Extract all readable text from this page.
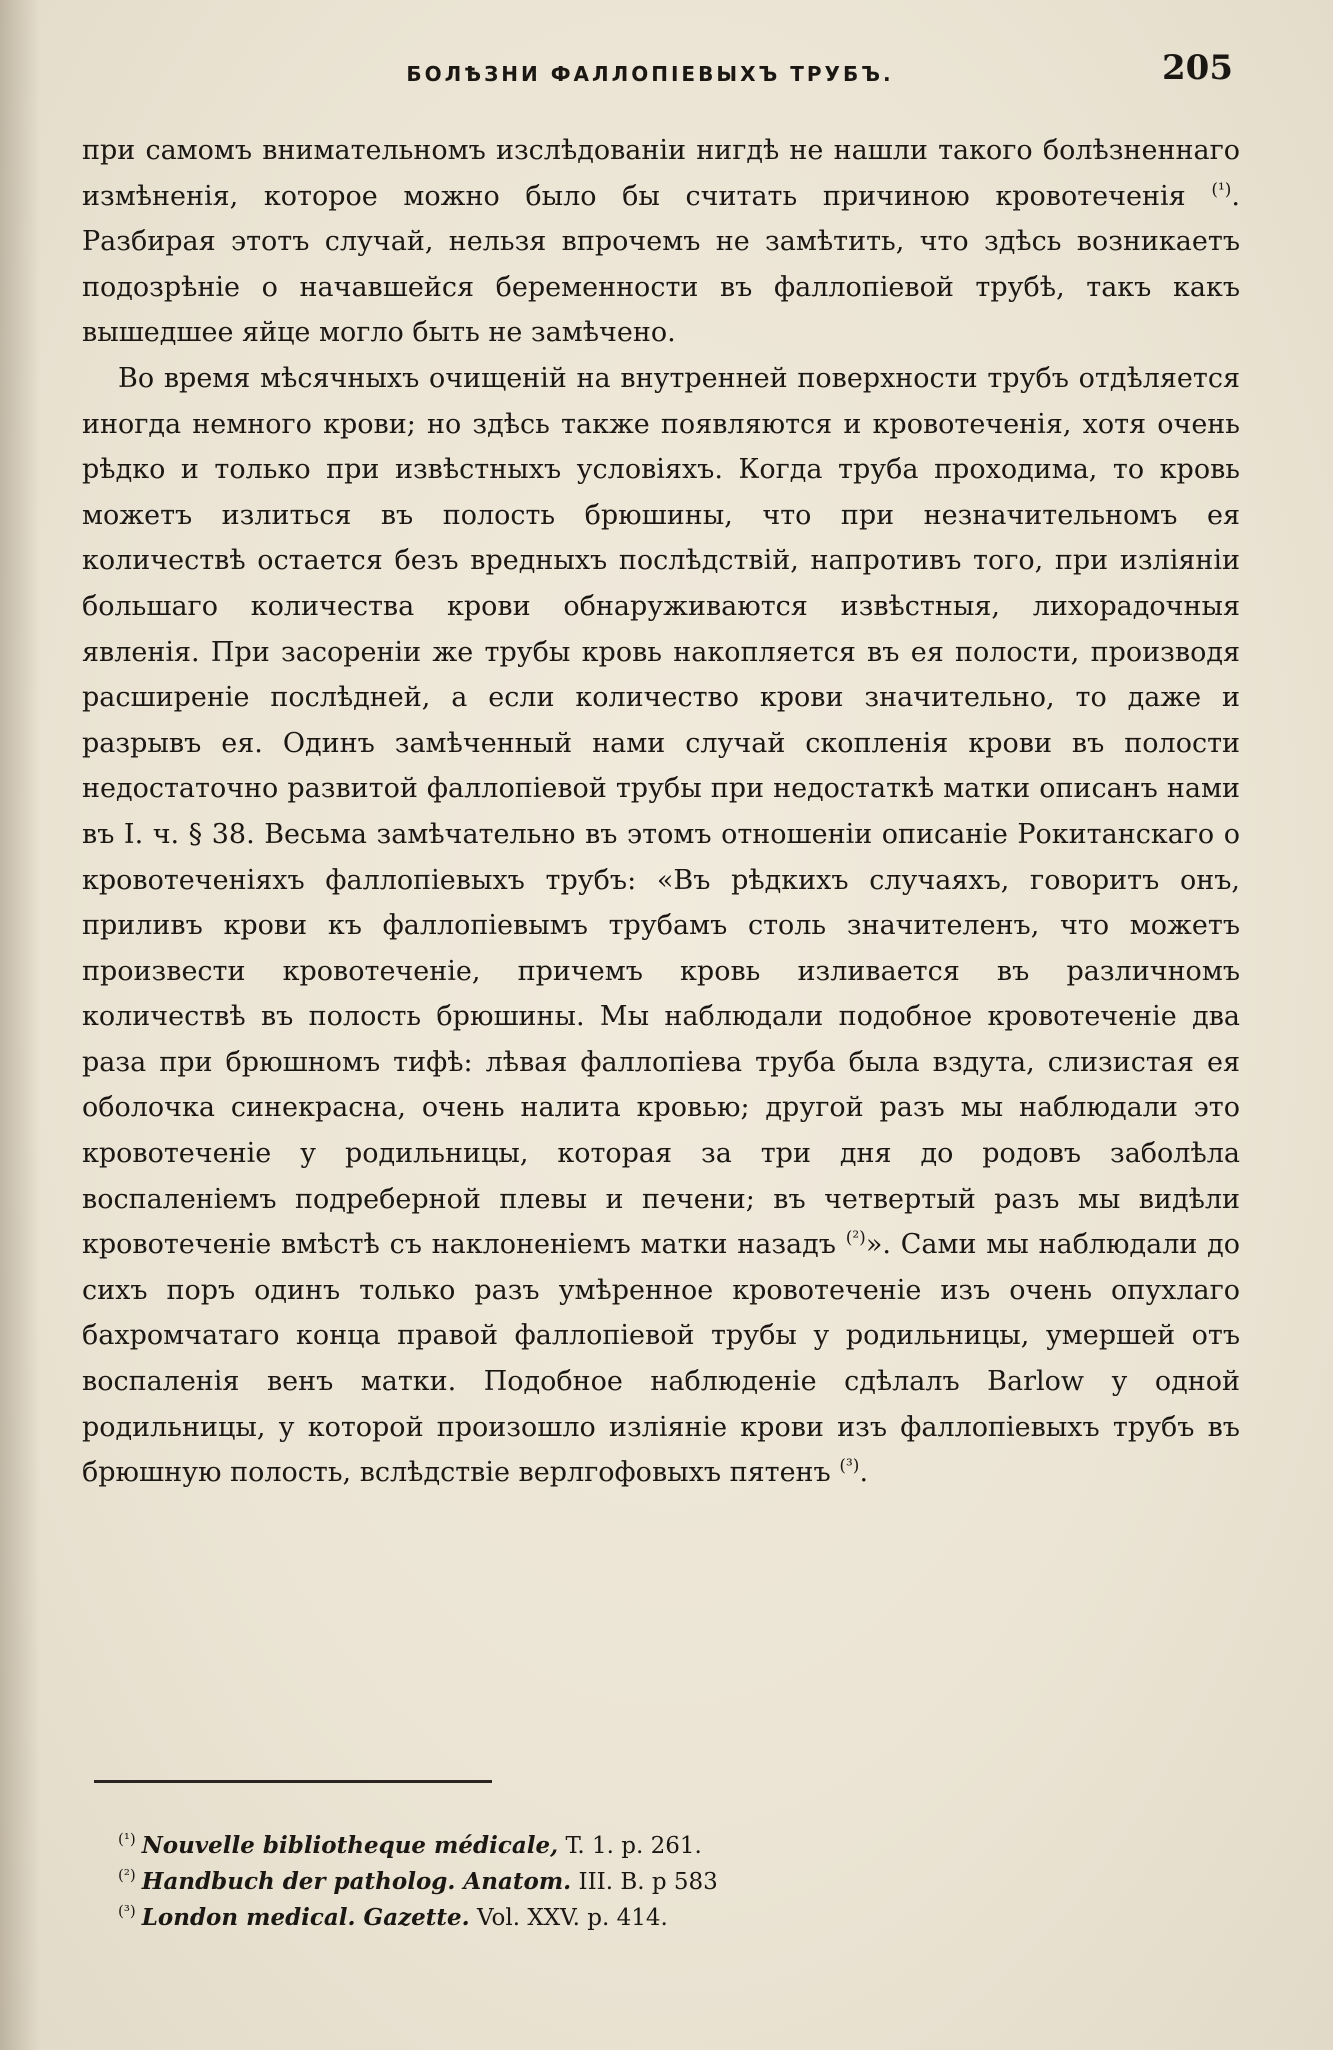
БОЛѢЗНИ ФАЛЛОПІЕВЫХЪ ТРУБЪ.	205

при самомъ внимательномъ изслѣдованіи нигдѣ не нашли такого болѣзненнаго измѣненія, которое можно было бы считать причиною кровотеченія $^{(^1)}$. Разбирая этотъ случай, нельзя впрочемъ не замѣтить, что здѣсь возникаетъ подозрѣніе о начавшейся беременности въ фаллопіевой трубѣ, такъ какъ вышедшее яйце могло быть не замѣчено.

Во время мѣсячныхъ очищеній на внутренней поверхности трубъ отдѣляется иногда немного крови; но здѣсь также появляются и кровотеченія, хотя очень рѣдко и только при извѣстныхъ условіяхъ. Когда труба проходима, то кровь можетъ излиться въ полость брюшины, что при незначительномъ ея количествѣ остается безъ вредныхъ послѣдствій, напротивъ того, при изліяніи большаго количества крови обнаруживаются извѣстныя, лихорадочныя явленія. При засореніи же трубы кровь накопляется въ ея полости, производя расширеніе послѣдней, а если количество крови значительно, то даже и разрывъ ея. Одинъ замѣченный нами случай скопленія крови въ полости недостаточно развитой фаллопіевой трубы при недостаткѣ матки описанъ нами въ I. ч. § 38. Весьма замѣчательно въ этомъ отношеніи описаніе Рокитанскаго о кровотеченіяхъ фаллопіевыхъ трубъ: «Въ рѣдкихъ случаяхъ, говоритъ онъ, приливъ крови къ фаллопіевымъ трубамъ столь значителенъ, что можетъ произвести кровотеченіе, причемъ кровь изливается въ различномъ количествѣ въ полость брюшины. Мы наблюдали подобное кровотеченіе два раза при брюшномъ тифѣ: лѣвая фаллопіева труба была вздута, слизистая ея оболочка синекрасна, очень налита кровью; другой разъ мы наблюдали это кровотеченіе у родильницы, которая за три дня до родовъ заболѣла воспаленіемъ подреберной плевы и печени; въ четвертый разъ мы видѣли кровотеченіе вмѣстѣ съ наклоненіемъ матки назадъ $^{(^2)}$». Сами мы наблюдали до сихъ поръ одинъ только разъ умѣренное кровотеченіе изъ очень опухлаго бахромчатаго конца правой фаллопіевой трубы у родильницы, умершей отъ воспаленія венъ матки. Подобное наблюденіе сдѣлалъ Barlow у одной родильницы, у которой произошло изліяніе крови изъ фаллопіевыхъ трубъ въ брюшную полость, вслѣдствіе верлгофовыхъ пятенъ $^{(^3)}$.

$^{(^1)}$ Nouvelle bibliotheque médicale, T. 1. p. 261.
$^{(^2)}$ Handbuch der patholog. Anatom. III. B. p 583
$^{(^3)}$ London medical. Gazette. Vol. XXV. p. 414.
